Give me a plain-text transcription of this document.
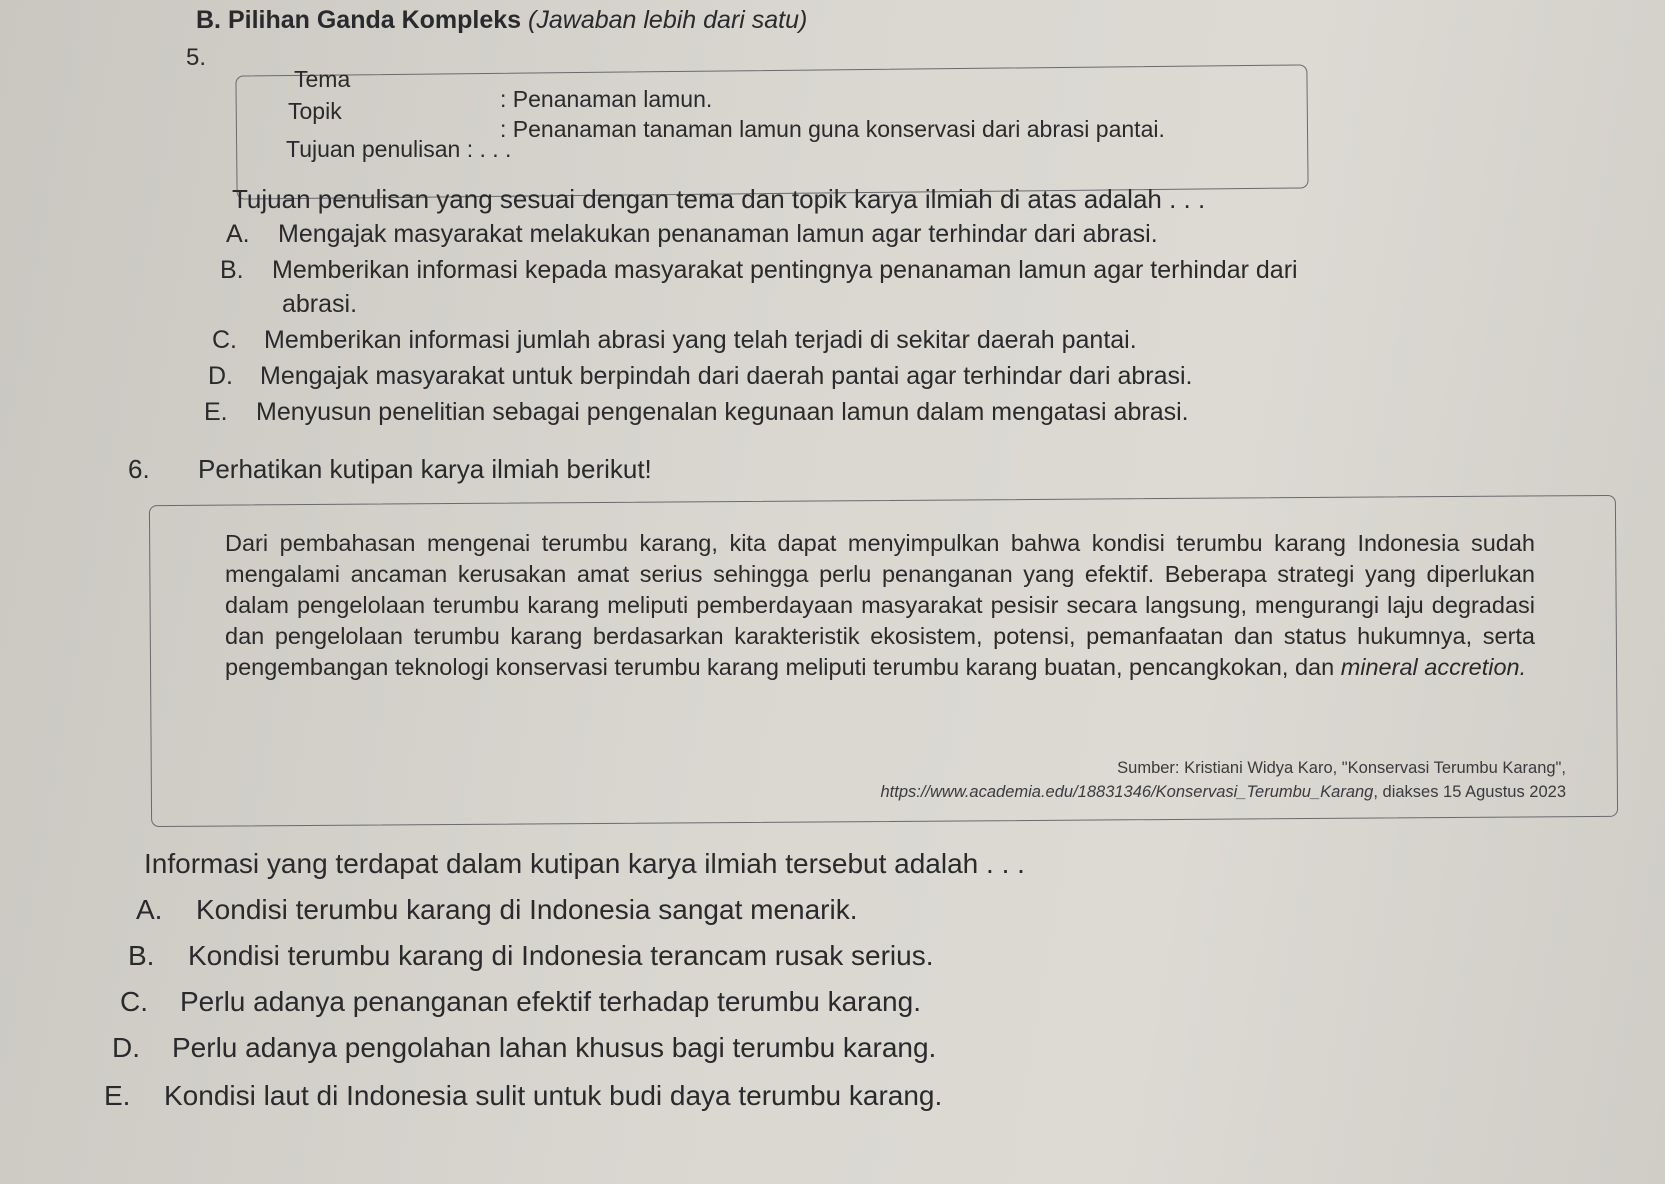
B. Pilihan Ganda Kompleks (Jawaban lebih dari satu)
5.
Tema
: Penanaman lamun.
Topik
: Penanaman tanaman lamun guna konservasi dari abrasi pantai.
Tujuan penulisan : . . .
Tujuan penulisan yang sesuai dengan tema dan topik karya ilmiah di atas adalah . . .
A. Mengajak masyarakat melakukan penanaman lamun agar terhindar dari abrasi.
B. Memberikan informasi kepada masyarakat pentingnya penanaman lamun agar terhindar dari
abrasi.
C. Memberikan informasi jumlah abrasi yang telah terjadi di sekitar daerah pantai.
D. Mengajak masyarakat untuk berpindah dari daerah pantai agar terhindar dari abrasi.
E. Menyusun penelitian sebagai pengenalan kegunaan lamun dalam mengatasi abrasi.
6. Perhatikan kutipan karya ilmiah berikut!
Dari pembahasan mengenai terumbu karang, kita dapat menyimpulkan bahwa kondisi terumbu karang Indonesia sudah mengalami ancaman kerusakan amat serius sehingga perlu penanganan yang efektif. Beberapa strategi yang diperlukan dalam pengelolaan terumbu karang meliputi pemberdayaan masyarakat pesisir secara langsung, mengurangi laju degradasi dan pengelolaan terumbu karang berdasarkan karakteristik ekosistem, potensi, pemanfaatan dan status hukumnya, serta pengembangan teknologi konservasi terumbu karang meliputi terumbu karang buatan, pencangkokan, dan mineral accretion.
Sumber: Kristiani Widya Karo, "Konservasi Terumbu Karang", https://www.academia.edu/18831346/Konservasi_Terumbu_Karang, diakses 15 Agustus 2023
Informasi yang terdapat dalam kutipan karya ilmiah tersebut adalah . . .
A. Kondisi terumbu karang di Indonesia sangat menarik.
B. Kondisi terumbu karang di Indonesia terancam rusak serius.
C. Perlu adanya penanganan efektif terhadap terumbu karang.
D. Perlu adanya pengolahan lahan khusus bagi terumbu karang.
E. Kondisi laut di Indonesia sulit untuk budi daya terumbu karang.
